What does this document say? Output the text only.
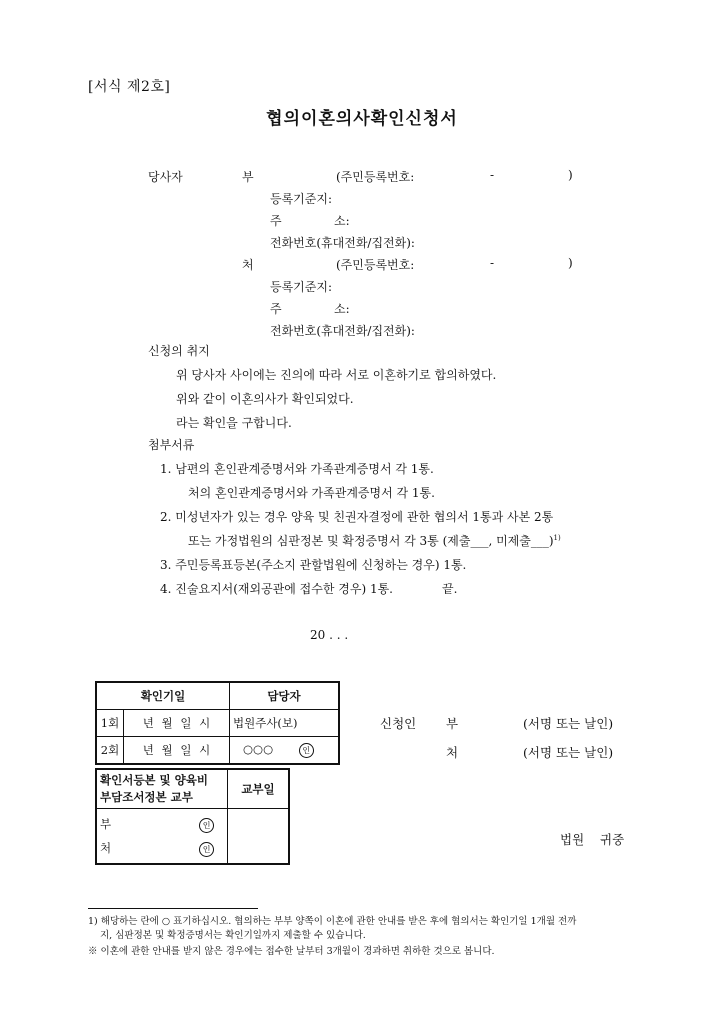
[서식 제2호]
협의이혼의사확인신청서
당사자	부	(주민등록번호:	-	)
등록기준지:
주	소:
전화번호(휴대전화/집전화):
처	(주민등록번호:	-	)
등록기준지:
주	소:
전화번호(휴대전화/집전화):
신청의 취지
위 당사자 사이에는 진의에 따라 서로 이혼하기로 합의하였다.
위와 같이 이혼의사가 확인되었다.
라는 확인을 구합니다.
첨부서류
1. 남편의 혼인관계증명서와 가족관계증명서 각 1통.
처의 혼인관계증명서와 가족관계증명서 각 1통.
2. 미성년자가 있는 경우 양육 및 친권자결정에 관한 협의서 1통과 사본 2통
또는 가정법원의 심판정본 및 확정증명서 각 3통 (제출___, 미제출___)$^{1)}$
3. 주민등록표등본(주소지 관할법원에 신청하는 경우) 1통.
4. 진술요지서(재외공관에 접수한 경우) 1통.	끝.
20 . . .
확인기일		담당자
1회	년 월 일 시	법원주사(보)
2회	년 월 일 시	○○○ 인
확인서등본 및 양육비
부담조서정본 교부	교부일

부 인
처 인	

신청인 부	(서명 또는 날인)
처	(서명 또는 날인)
법원    귀중
1) 해당하는 란에 ○ 표기하십시오. 협의하는 부부 양쪽이 이혼에 관한 안내를 받은 후에 협의서는 확인기일 1개월 전까
지, 심판정본 및 확정증명서는 확인기일까지 제출할 수 있습니다.
※ 이혼에 관한 안내를 받지 않은 경우에는 접수한 날부터 3개월이 경과하면 취하한 것으로 봅니다.
